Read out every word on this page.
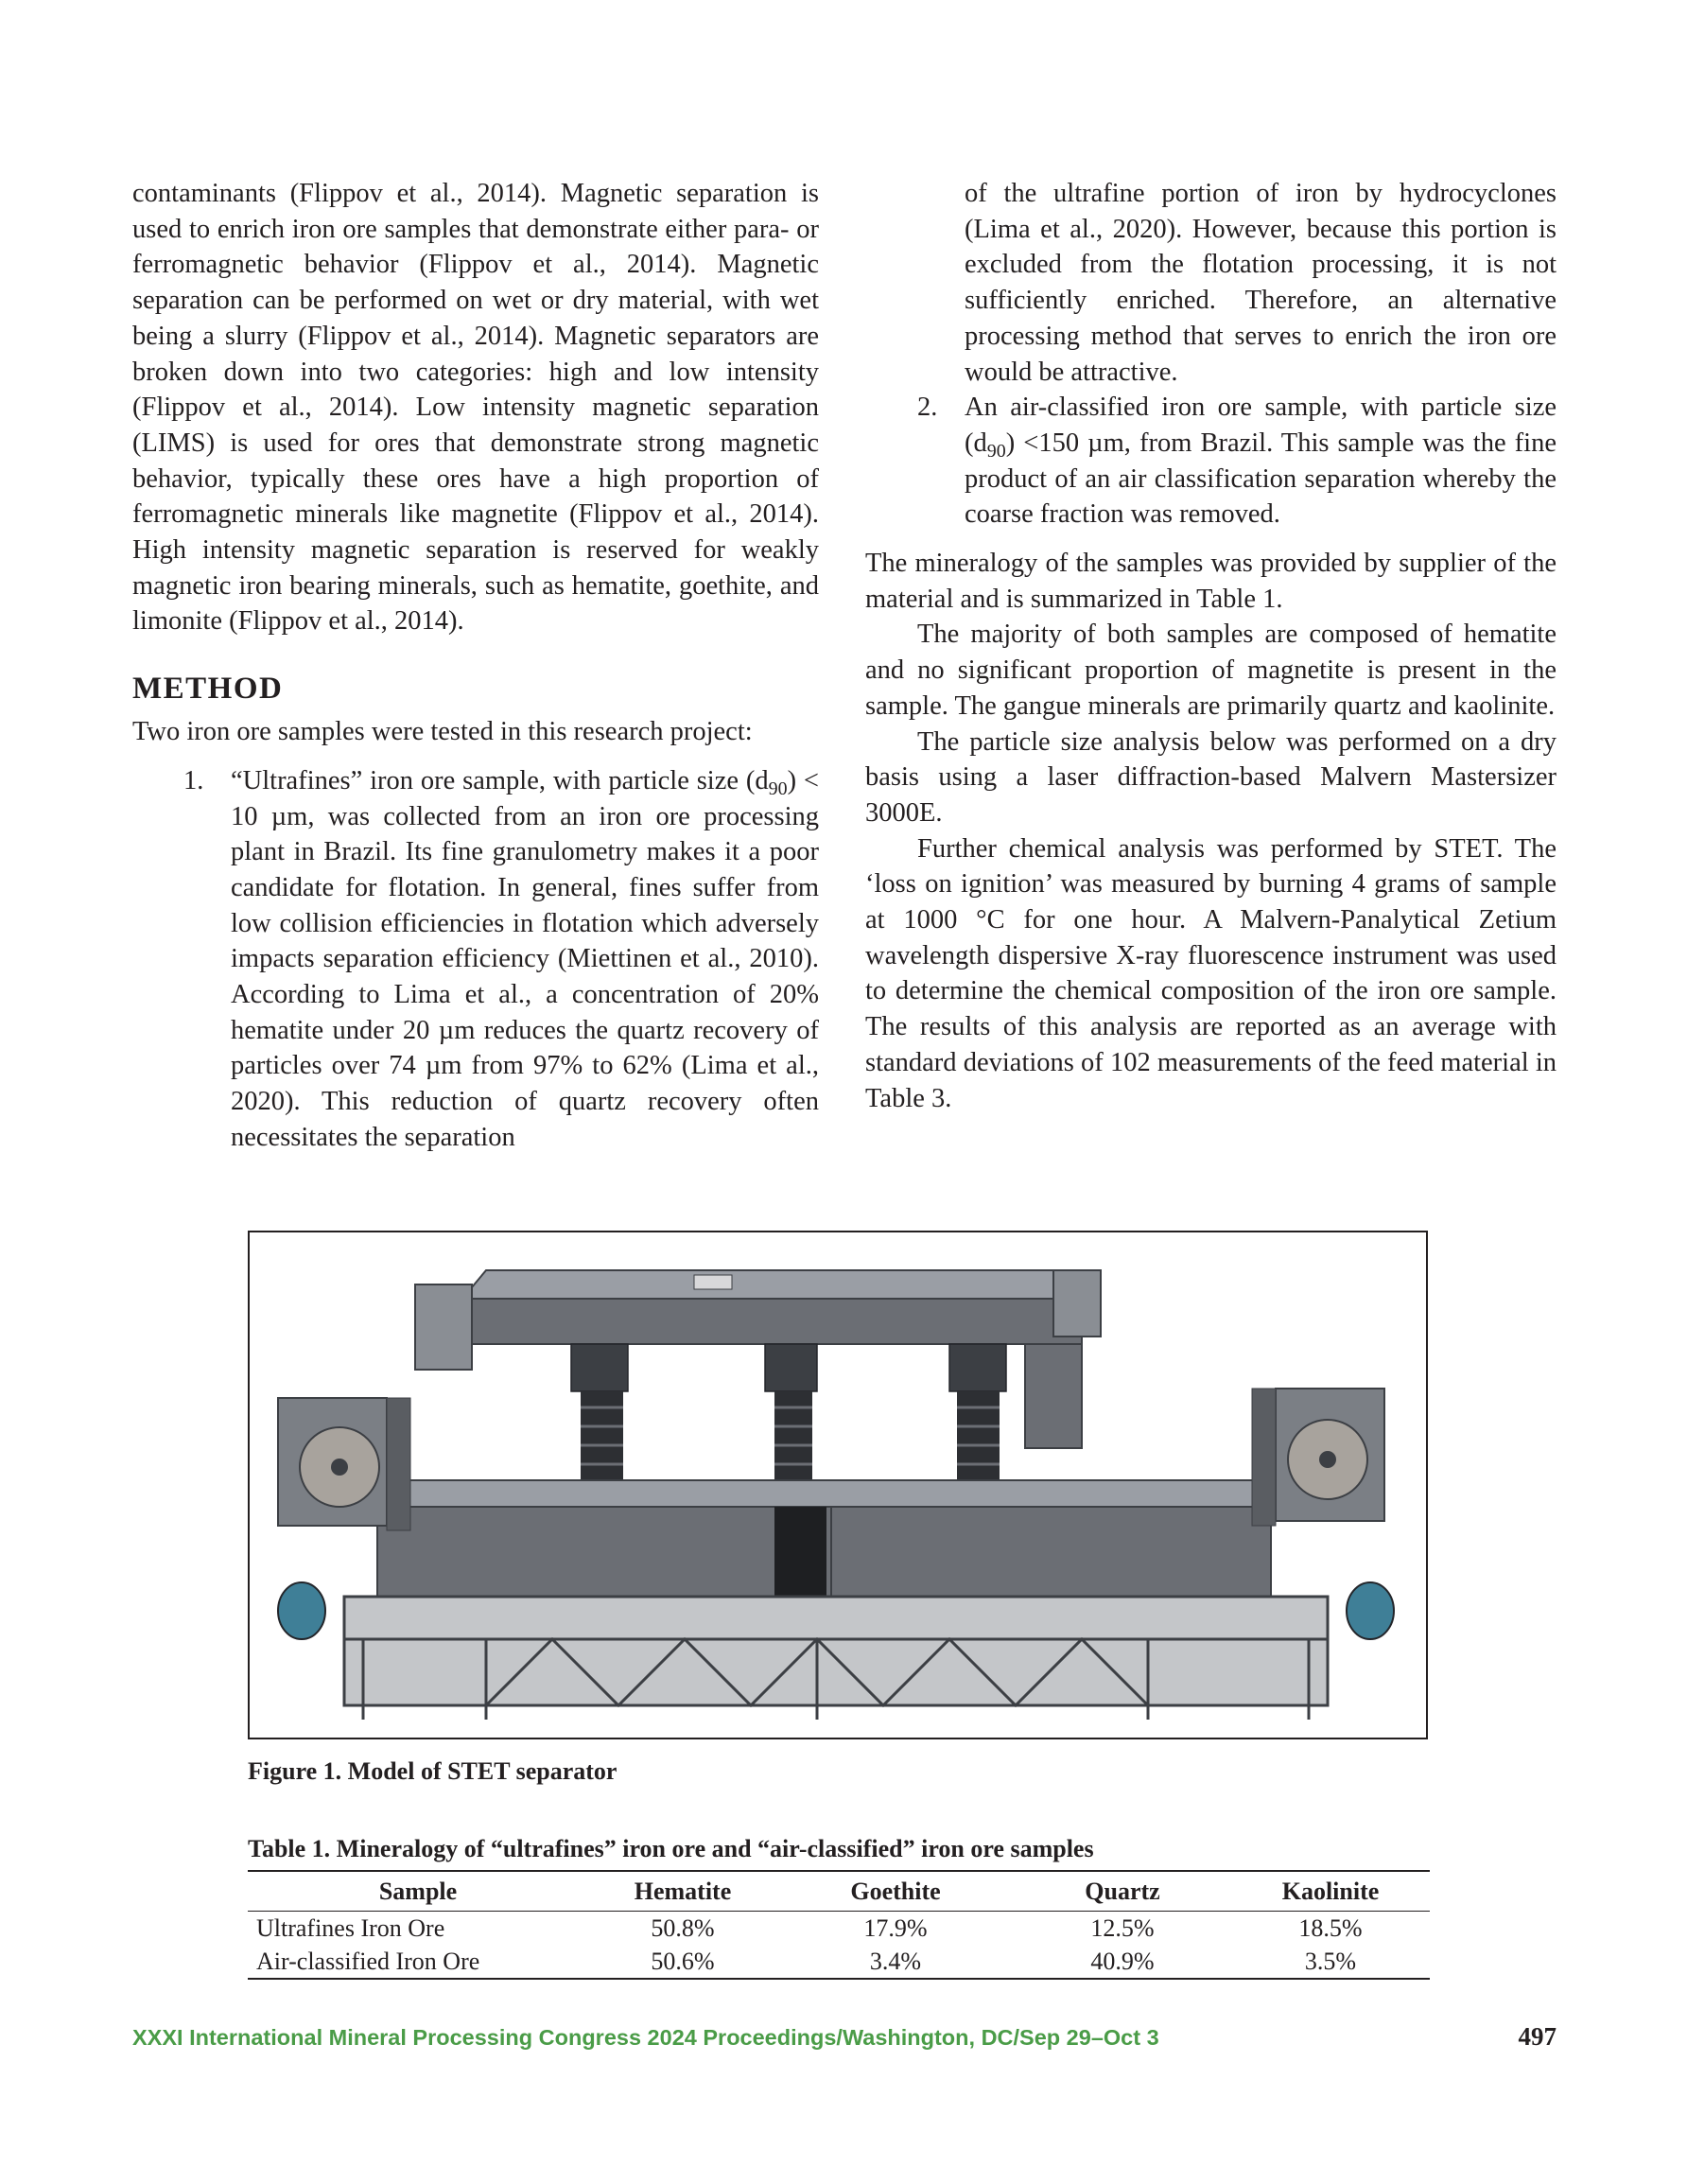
contaminants (Flippov et al., 2014). Magnetic separation is used to enrich iron ore samples that demonstrate either para- or ferromagnetic behavior (Flippov et al., 2014). Magnetic separation can be performed on wet or dry material, with wet being a slurry (Flippov et al., 2014). Magnetic separators are broken down into two categories: high and low intensity (Flippov et al., 2014). Low intensity magnetic separation (LIMS) is used for ores that demonstrate strong magnetic behavior, typically these ores have a high proportion of ferromagnetic minerals like magnetite (Flippov et al., 2014). High intensity magnetic separation is reserved for weakly magnetic iron bearing minerals, such as hematite, goethite, and limonite (Flippov et al., 2014).

METHOD

Two iron ore samples were tested in this research project:

1. “Ultrafines” iron ore sample, with particle size $(d_{90}) < 10$ µm, was collected from an iron ore processing plant in Brazil. Its fine granulometry makes it a poor candidate for flotation. In general, fines suffer from low collision efficiencies in flotation which adversely impacts separation efficiency (Miettinen et al., 2010). According to Lima et al., a concentration of 20% hematite under 20 µm reduces the quartz recovery of particles over 74 µm from 97% to 62% (Lima et al., 2020). This reduction of quartz recovery often necessitates the separation

of the ultrafine portion of iron by hydrocyclones (Lima et al., 2020). However, because this portion is excluded from the flotation processing, it is not sufficiently enriched. Therefore, an alternative processing method that serves to enrich the iron ore would be attractive.

2. An air-classified iron ore sample, with particle size $(d_{90}) <150$ µm, from Brazil. This sample was the fine product of an air classification separation whereby the coarse fraction was removed.

The mineralogy of the samples was provided by supplier of the material and is summarized in Table 1.

The majority of both samples are composed of hematite and no significant proportion of magnetite is present in the sample. The gangue minerals are primarily quartz and kaolinite.

The particle size analysis below was performed on a dry basis using a laser diffraction-based Malvern Mastersizer 3000E.

Further chemical analysis was performed by STET. The ‘loss on ignition’ was measured by burning 4 grams of sample at 1000 °C for one hour. A Malvern-Panalytical Zetium wavelength dispersive X-ray fluorescence instrument was used to determine the chemical composition of the iron ore sample. The results of this analysis are reported as an average with standard deviations of 102 measurements of the feed material in Table 3.

Figure 1. Model of STET separator

Table 1. Mineralogy of “ultrafines” iron ore and “air-classified” iron ore samples

Sample	Hematite	Goethite	Quartz	Kaolinite
Ultrafines Iron Ore	50.8%	17.9%	12.5%	18.5%
Air-classified Iron Ore	50.6%	3.4%	40.9%	3.5%

XXXI International Mineral Processing Congress 2024 Proceedings/Washington, DC/Sep 29–Oct 3	497
